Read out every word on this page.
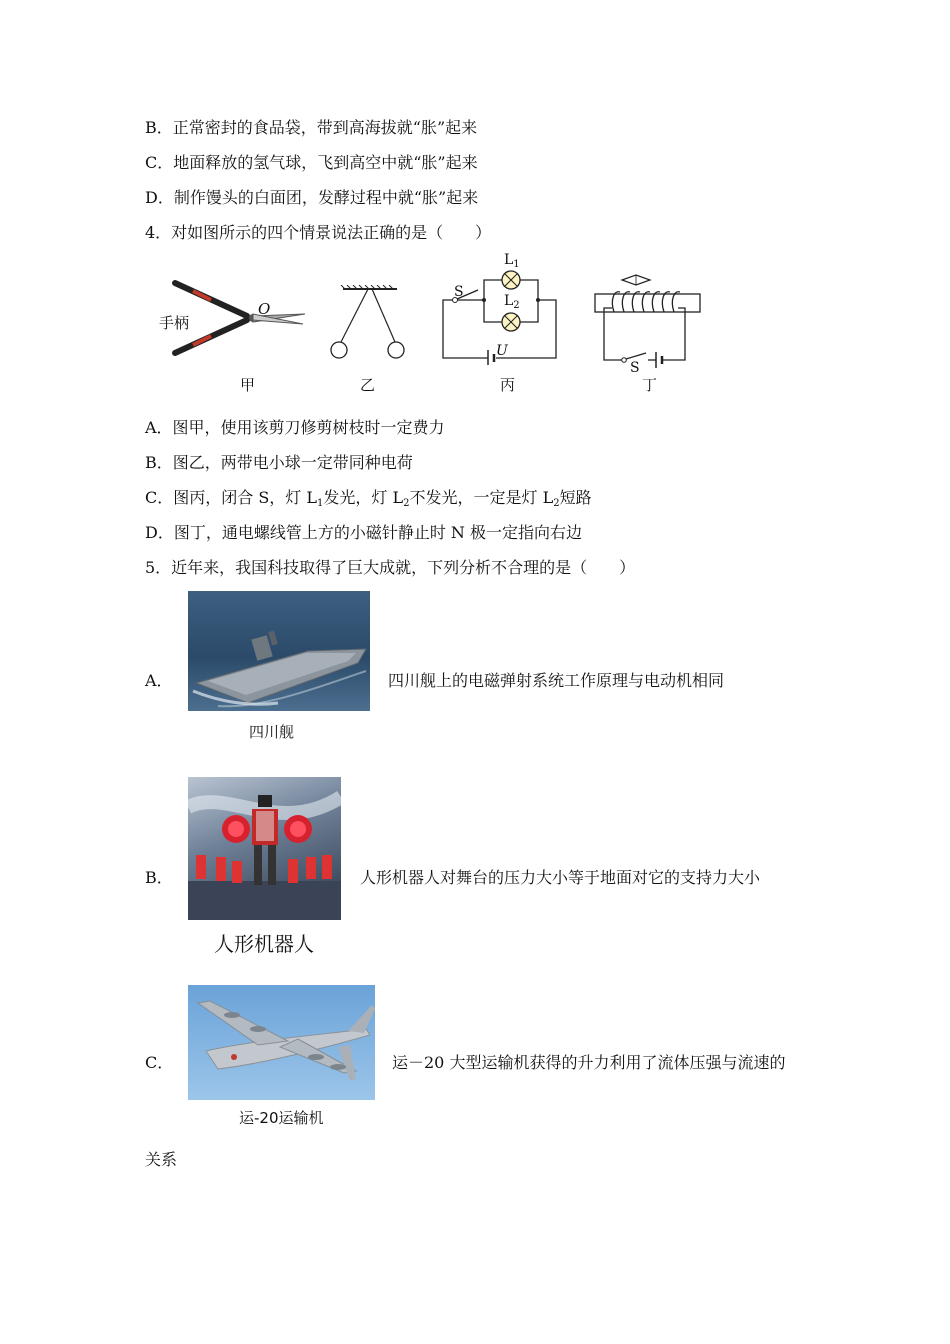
B．正常密封的食品袋，带到高海拔就“胀”起来
C．地面释放的氢气球，飞到高空中就“胀”起来
D．制作馒头的白面团，发酵过程中就“胀”起来
4．对如图所示的四个情景说法正确的是（　　）
手柄
O
甲	乙
S
$L_1$
$L_2$
U
丙
S
丁
A．图甲，使用该剪刀修剪树枝时一定费力
B．图乙，两带电小球一定带同种电荷
C．图丙，闭合 S，灯 L1发光，灯 L2不发光，一定是灯 L2短路
D．图丁，通电螺线管上方的小磁针静止时 N 极一定指向右边
5．近年来，我国科技取得了巨大成就，下列分析不合理的是（　　）
A．
四川舰
四川舰上的电磁弹射系统工作原理与电动机相同
B．
人形机器人
人形机器人对舞台的压力大小等于地面对它的支持力大小
C．
运-20运输机
运－20 大型运输机获得的升力利用了流体压强与流速的
关系
